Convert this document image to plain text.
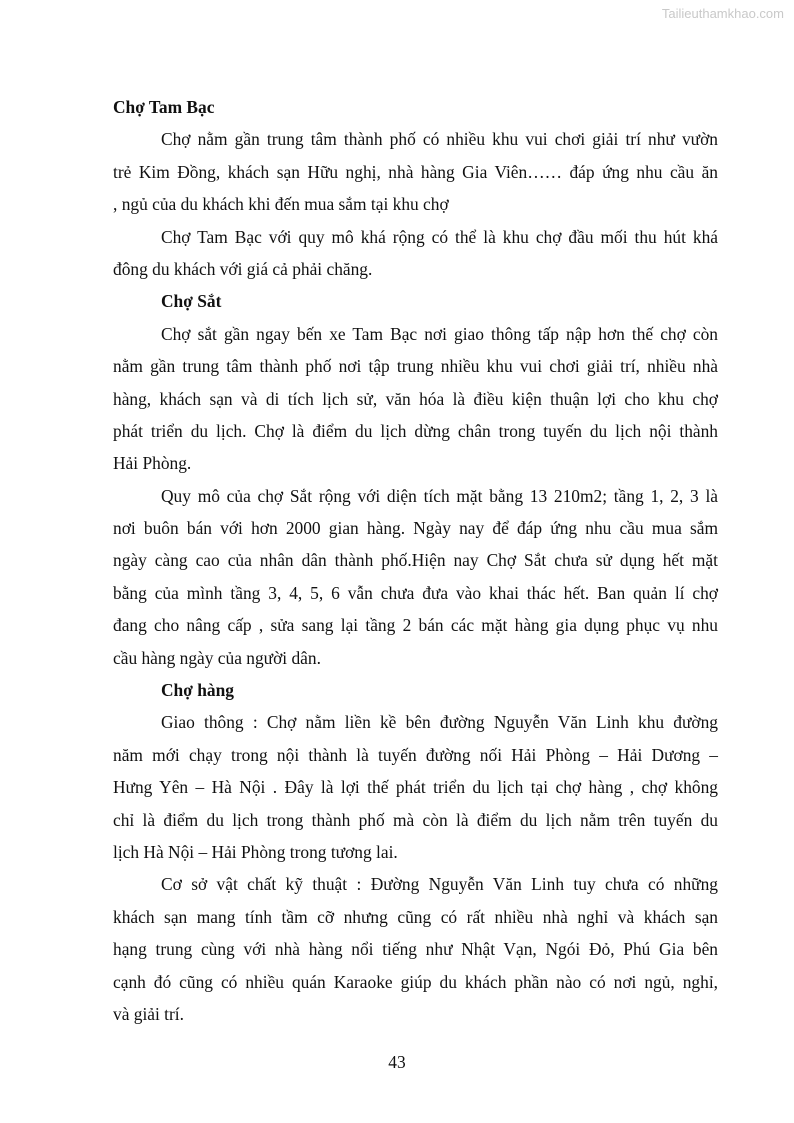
Tailieuthamkhao.com
Chợ Tam Bạc
Chợ nằm gần trung tâm thành phố có nhiều khu vui chơi giải trí như vườn
trẻ Kim Đồng, khách sạn Hữu nghị, nhà hàng Gia Viên…… đáp ứng nhu cầu ăn
, ngủ của du khách khi đến mua sắm tại khu chợ
Chợ Tam Bạc với quy mô khá rộng có thể là khu chợ đầu mối thu hút khá
đông du khách với giá cả phải chăng.
Chợ Sắt
Chợ sắt gần ngay bến xe Tam Bạc nơi giao thông tấp nập hơn thế chợ còn
nằm gần trung tâm thành phố nơi tập trung nhiều khu vui chơi giải trí, nhiều nhà
hàng, khách sạn và di tích lịch sử, văn hóa là điều kiện thuận lợi cho khu chợ
phát triển du lịch. Chợ là điểm du lịch dừng chân trong tuyến du lịch nội thành
Hải Phòng.
Quy mô của chợ Sắt rộng với diện tích mặt bằng 13 210m2; tầng 1, 2, 3 là
nơi buôn bán với hơn 2000 gian hàng. Ngày nay để đáp ứng nhu cầu mua sắm
ngày càng cao của nhân dân thành phố.Hiện nay Chợ Sắt chưa sử dụng hết mặt
bằng của mình tầng 3, 4, 5, 6 vẫn chưa đưa vào khai thác hết. Ban quản lí chợ
đang cho nâng cấp , sửa sang lại tầng 2 bán các mặt hàng gia dụng phục vụ nhu
cầu hàng ngày của người dân.
Chợ hàng
Giao thông : Chợ nằm liền kề bên đường Nguyễn Văn Linh khu đường
năm mới chạy trong nội thành là tuyến đường nối Hải Phòng – Hải Dương –
Hưng Yên – Hà Nội . Đây là lợi thế phát triển du lịch tại chợ hàng , chợ không
chỉ là điểm du lịch trong thành phố mà còn là điểm du lịch nằm trên tuyến du
lịch Hà Nội – Hải Phòng trong tương lai.
Cơ sở vật chất kỹ thuật : Đường Nguyễn Văn Linh tuy chưa có những
khách sạn mang tính tầm cỡ nhưng cũng có rất nhiều nhà nghỉ và khách sạn
hạng trung cùng với nhà hàng nổi tiếng như Nhật Vạn, Ngói Đỏ, Phú Gia bên
cạnh đó cũng có nhiều quán Karaoke giúp du khách phần nào có nơi ngủ, nghỉ,
và giải trí.
43
